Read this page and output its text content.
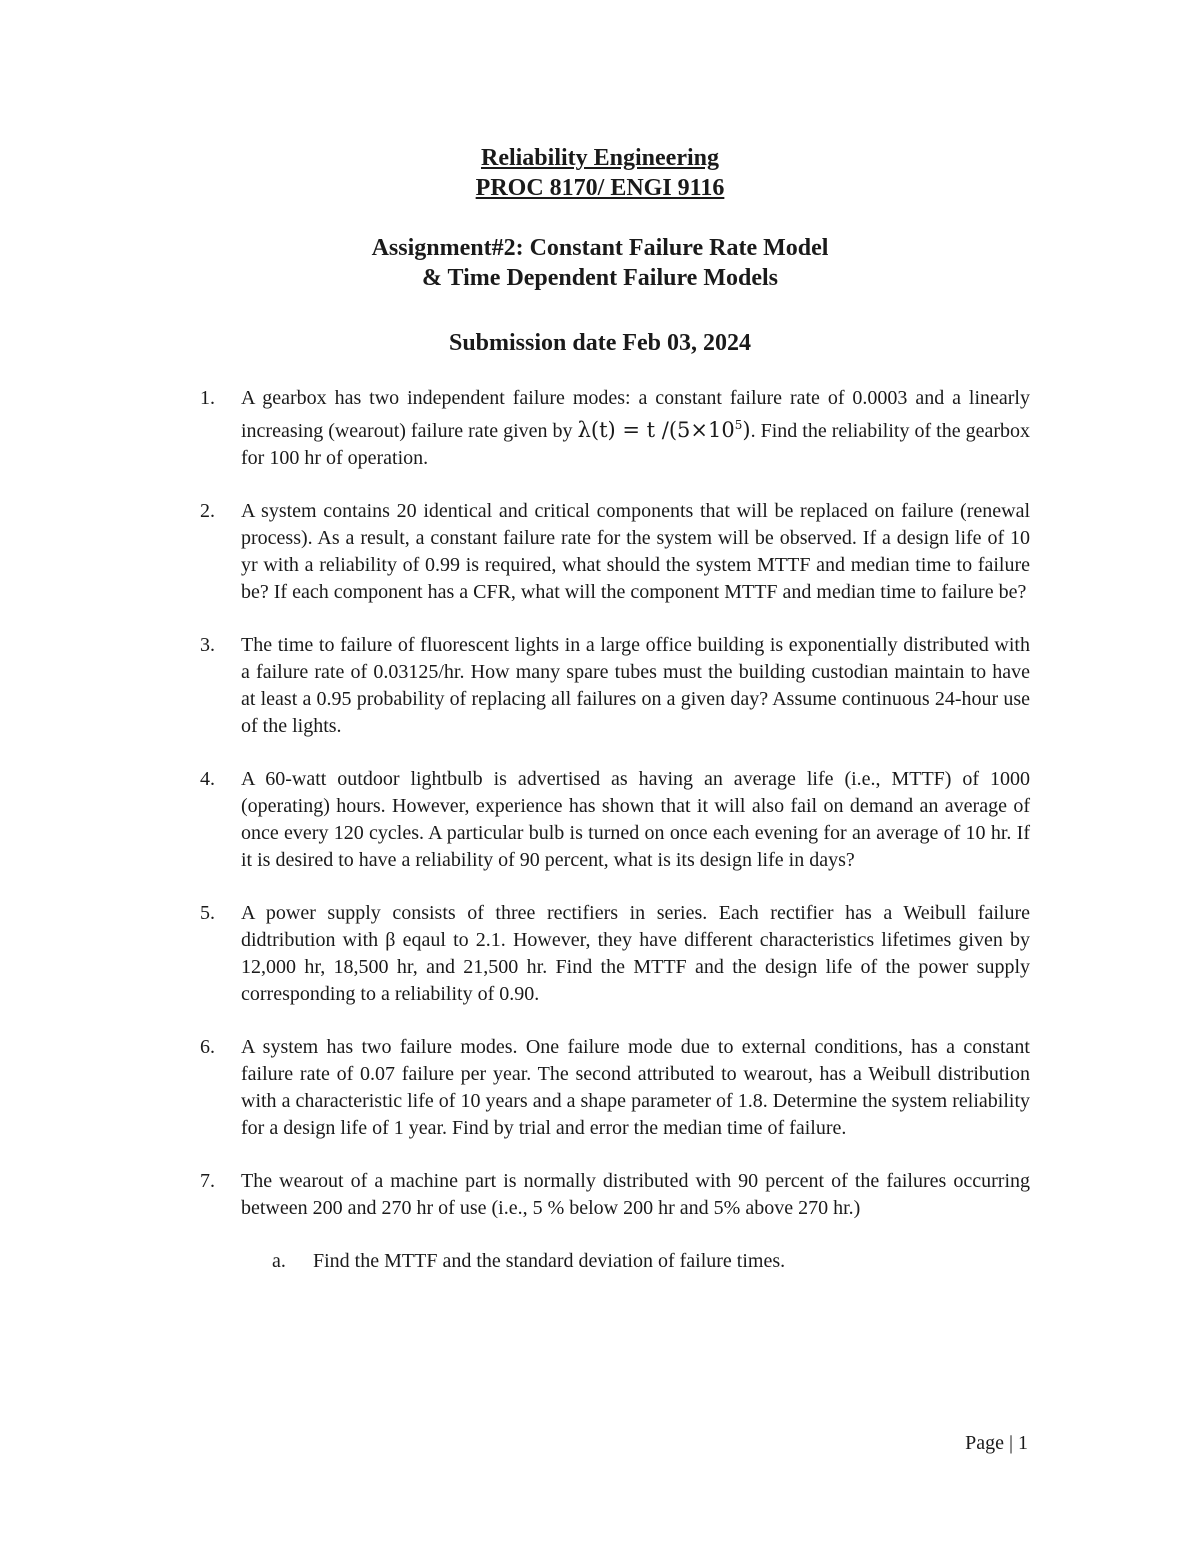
Reliability Engineering
PROC 8170/ ENGI 9116
Assignment#2: Constant Failure Rate Model
& Time Dependent Failure Models
Submission date Feb 03, 2024
1. A gearbox has two independent failure modes: a constant failure rate of 0.0003 and a linearly increasing (wearout) failure rate given by λ(t) = t $/(5\times 10^5)$. Find the reliability of the gearbox for 100 hr of operation.
2. A system contains 20 identical and critical components that will be replaced on failure (renewal process). As a result, a constant failure rate for the system will be observed. If a design life of 10 yr with a reliability of 0.99 is required, what should the system MTTF and median time to failure be? If each component has a CFR, what will the component MTTF and median time to failure be?
3. The time to failure of fluorescent lights in a large office building is exponentially distributed with a failure rate of 0.03125/hr. How many spare tubes must the building custodian maintain to have at least a 0.95 probability of replacing all failures on a given day? Assume continuous 24-hour use of the lights.
4. A 60-watt outdoor lightbulb is advertised as having an average life (i.e., MTTF) of 1000 (operating) hours. However, experience has shown that it will also fail on demand an average of once every 120 cycles. A particular bulb is turned on once each evening for an average of 10 hr. If it is desired to have a reliability of 90 percent, what is its design life in days?
5. A power supply consists of three rectifiers in series. Each rectifier has a Weibull failure didtribution with β eqaul to 2.1. However, they have different characteristics lifetimes given by 12,000 hr, 18,500 hr, and 21,500 hr. Find the MTTF and the design life of the power supply corresponding to a reliability of 0.90.
6. A system has two failure modes. One failure mode due to external conditions, has a constant failure rate of 0.07 failure per year. The second attributed to wearout, has a Weibull distribution with a characteristic life of 10 years and a shape parameter of 1.8. Determine the system reliability for a design life of 1 year. Find by trial and error the median time of failure.
7. The wearout of a machine part is normally distributed with 90 percent of the failures occurring between 200 and 270 hr of use (i.e., 5 % below 200 hr and 5% above 270 hr.)
a. Find the MTTF and the standard deviation of failure times.
Page | 1
